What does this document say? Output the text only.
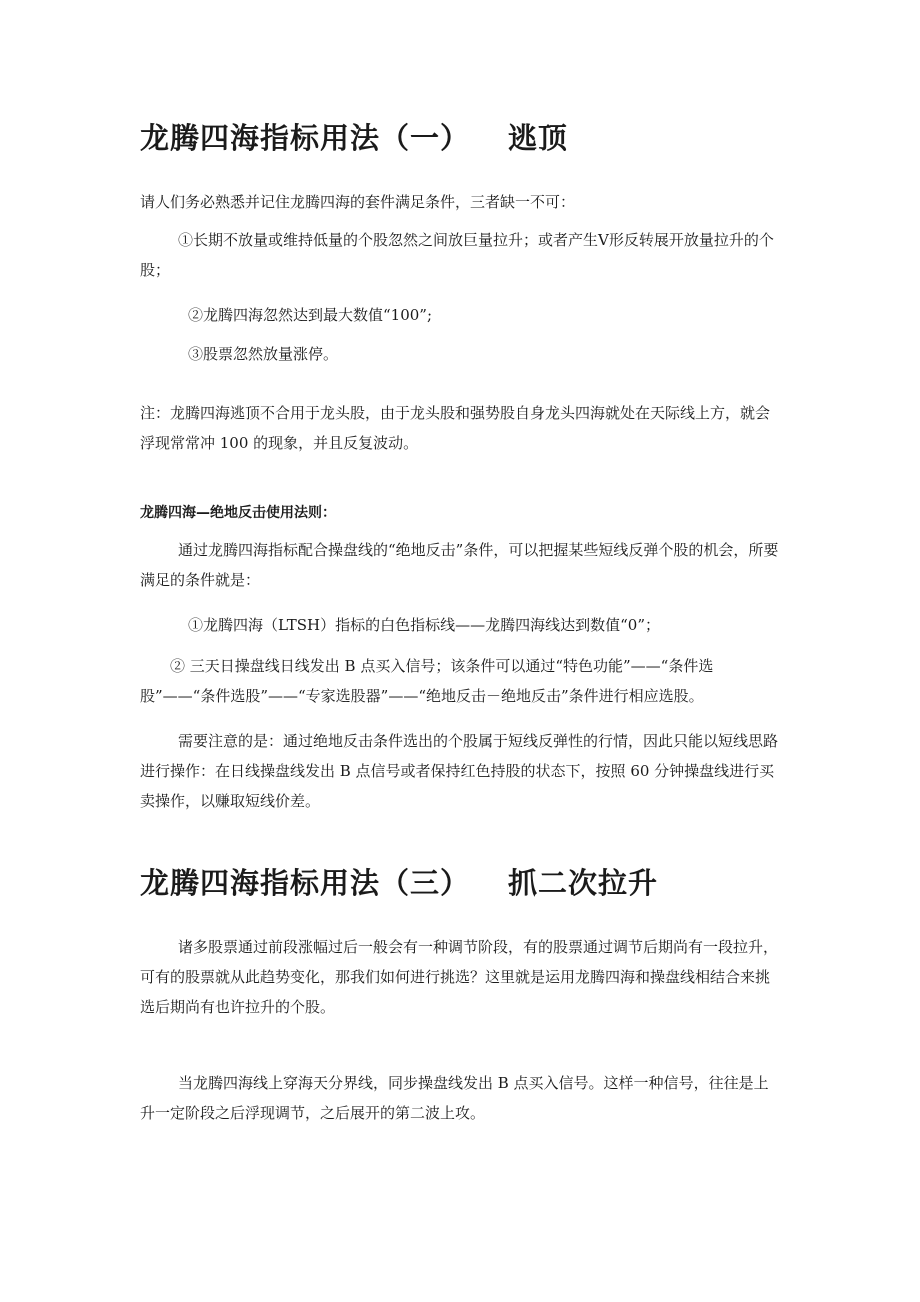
龙腾四海指标用法（一） 逃顶

请人们务必熟悉并记住龙腾四海的套件满足条件，三者缺一不可：

①长期不放量或维持低量的个股忽然之间放巨量拉升；或者产生Ⅴ形反转展开放量拉升的个股；

②龙腾四海忽然达到最大数值“100”;

③股票忽然放量涨停。

注：龙腾四海逃顶不合用于龙头股，由于龙头股和强势股自身龙头四海就处在天际线上方，就会浮现常常冲 100 的现象，并且反复波动。

龙腾四海—绝地反击使用法则：

通过龙腾四海指标配合操盘线的“绝地反击”条件，可以把握某些短线反弹个股的机会，所要满足的条件就是：

①龙腾四海（LTSH）指标的白色指标线——龙腾四海线达到数值“0”；

② 三天日操盘线日线发出 B 点买入信号；该条件可以通过“特色功能”——“条件选股”——“条件选股”——“专家选股器”——“绝地反击－绝地反击”条件进行相应选股。

需要注意的是：通过绝地反击条件选出的个股属于短线反弹性的行情，因此只能以短线思路进行操作：在日线操盘线发出 B 点信号或者保持红色持股的状态下，按照 60 分钟操盘线进行买卖操作，以赚取短线价差。

龙腾四海指标用法（三） 抓二次拉升

诸多股票通过前段涨幅过后一般会有一种调节阶段，有的股票通过调节后期尚有一段拉升，可有的股票就从此趋势变化，那我们如何进行挑选？这里就是运用龙腾四海和操盘线相结合来挑选后期尚有也许拉升的个股。

当龙腾四海线上穿海天分界线，同步操盘线发出 B 点买入信号。这样一种信号，往往是上升一定阶段之后浮现调节，之后展开的第二波上攻。
